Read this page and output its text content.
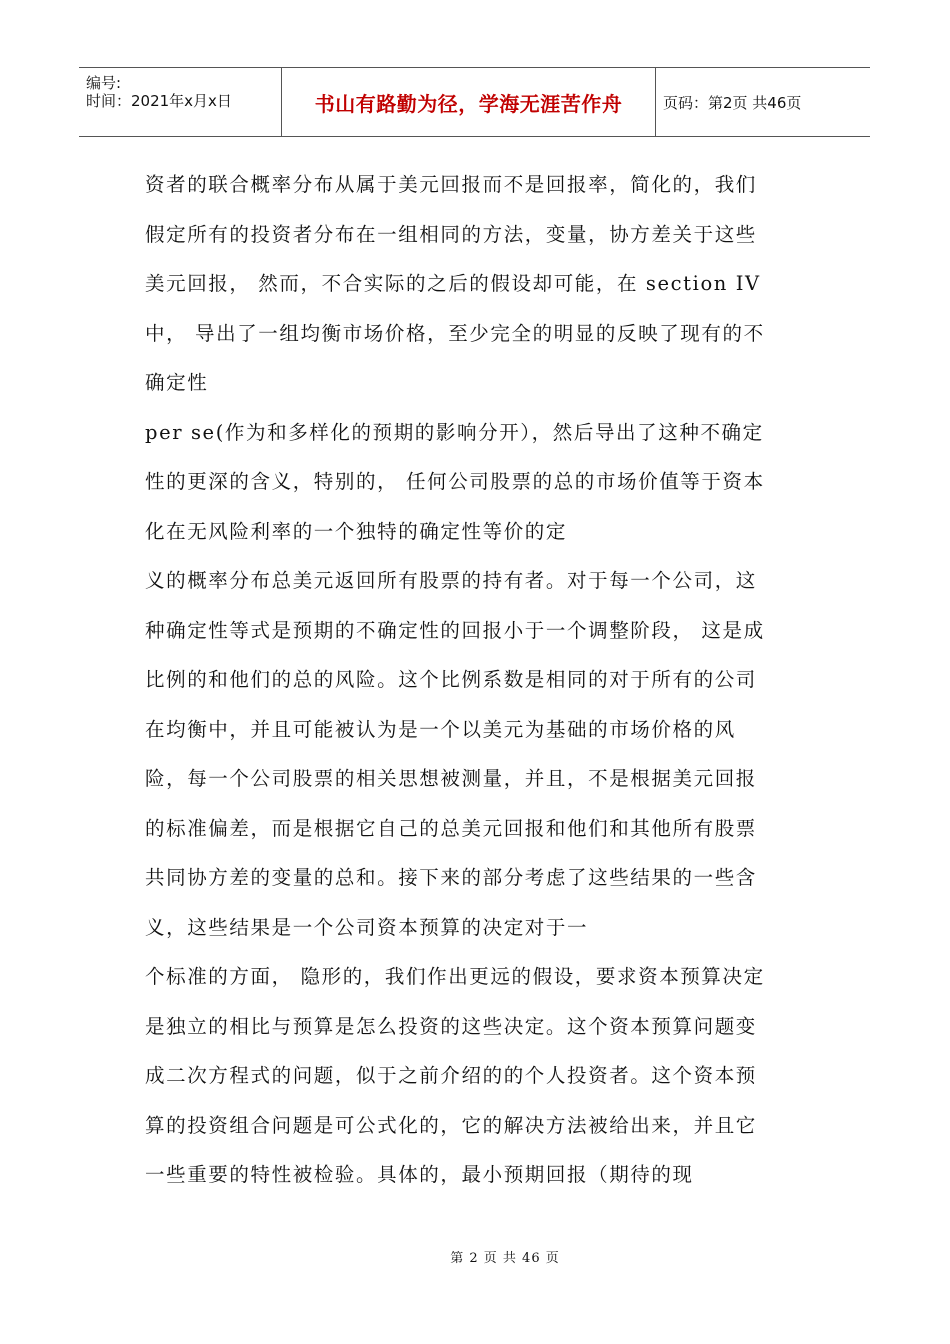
编号:
时间：2021年x月x日	书山有路勤为径，学海无涯苦作舟	页码：第2页 共46页
资者的联合概率分布从属于美元回报而不是回报率，简化的，我们
假定所有的投资者分布在一组相同的方法，变量，协方差关于这些
美元回报， 然而，不合实际的之后的假设却可能，在 section IV
中， 导出了一组均衡市场价格，至少完全的明显的反映了现有的不
确定性
per se(作为和多样化的预期的影响分开），然后导出了这种不确定
性的更深的含义，特别的， 任何公司股票的总的市场价值等于资本
化在无风险利率的一个独特的确定性等价的定
义的概率分布总美元返回所有股票的持有者。对于每一个公司，这
种确定性等式是预期的不确定性的回报小于一个调整阶段， 这是成
比例的和他们的总的风险。这个比例系数是相同的对于所有的公司
在均衡中，并且可能被认为是一个以美元为基础的市场价格的风
险，每一个公司股票的相关思想被测量，并且，不是根据美元回报
的标准偏差，而是根据它自己的总美元回报和他们和其他所有股票
共同协方差的变量的总和。接下来的部分考虑了这些结果的一些含
义，这些结果是一个公司资本预算的决定对于一
个标准的方面， 隐形的，我们作出更远的假设，要求资本预算决定
是独立的相比与预算是怎么投资的这些决定。这个资本预算问题变
成二次方程式的问题，似于之前介绍的的个人投资者。这个资本预
算的投资组合问题是可公式化的，它的解决方法被给出来，并且它
一些重要的特性被检验。具体的，最小预期回报（期待的现
第 2 页 共 46 页
